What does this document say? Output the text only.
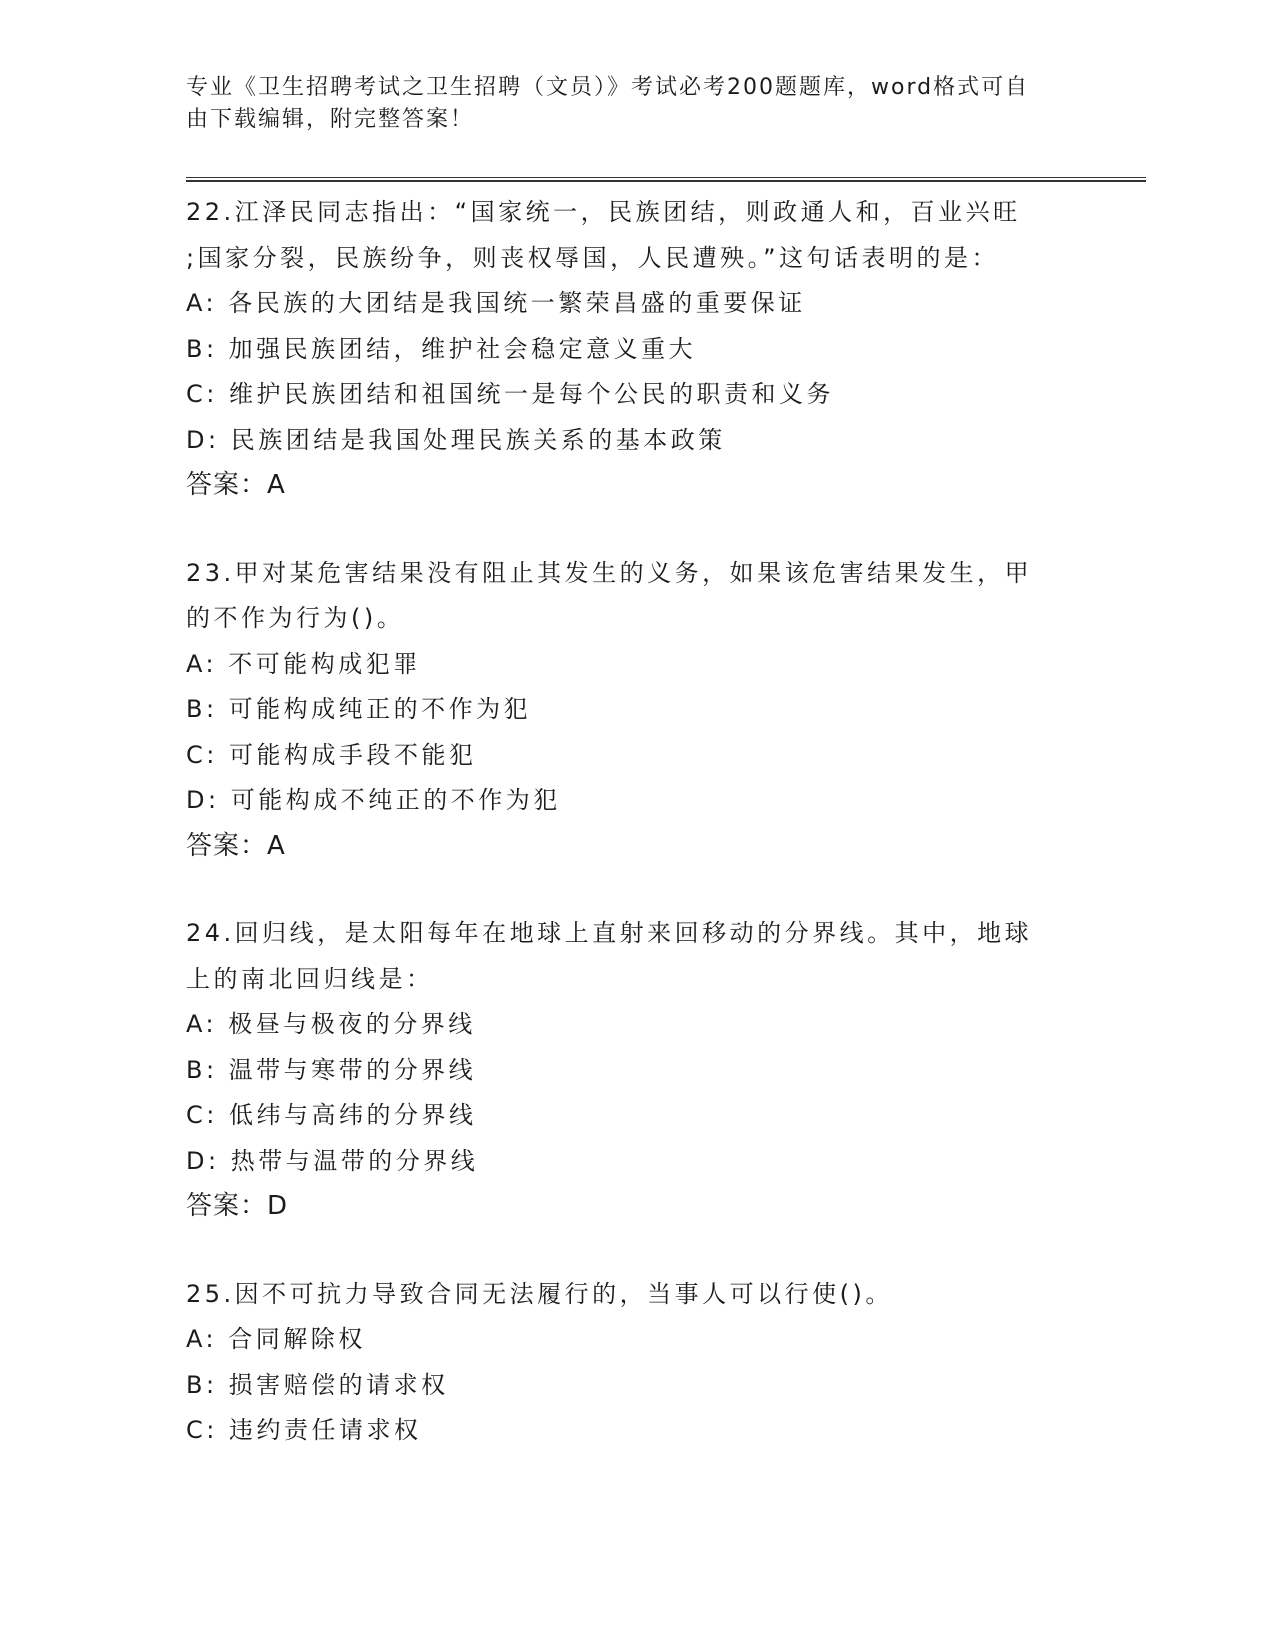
专业《卫生招聘考试之卫生招聘（文员）》考试必考200题题库，word格式可自
由下载编辑，附完整答案！
22.江泽民同志指出：“国家统一，民族团结，则政通人和，百业兴旺
;国家分裂，民族纷争，则丧权辱国，人民遭殃。”这句话表明的是：
A: 各民族的大团结是我国统一繁荣昌盛的重要保证
B: 加强民族团结，维护社会稳定意义重大
C: 维护民族团结和祖国统一是每个公民的职责和义务
D: 民族团结是我国处理民族关系的基本政策
答案：A
23.甲对某危害结果没有阻止其发生的义务，如果该危害结果发生，甲
的不作为行为()。
A: 不可能构成犯罪
B: 可能构成纯正的不作为犯
C: 可能构成手段不能犯
D: 可能构成不纯正的不作为犯
答案：A
24.回归线，是太阳每年在地球上直射来回移动的分界线。其中，地球
上的南北回归线是：
A: 极昼与极夜的分界线
B: 温带与寒带的分界线
C: 低纬与高纬的分界线
D: 热带与温带的分界线
答案：D
25.因不可抗力导致合同无法履行的，当事人可以行使()。
A: 合同解除权
B: 损害赔偿的请求权
C: 违约责任请求权
